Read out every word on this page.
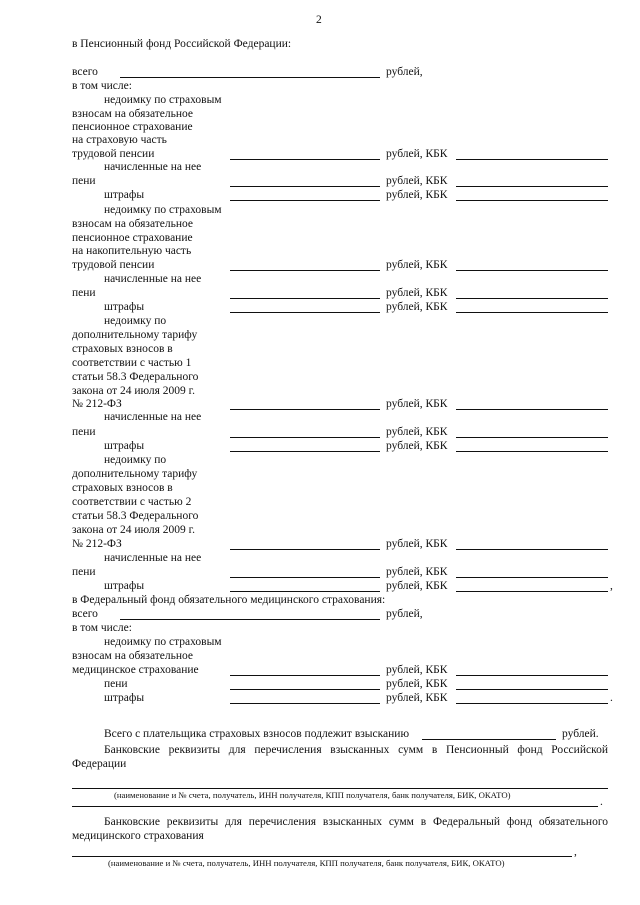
2
в Пенсионный фонд Российской Федерации:
всего	рублей,
в том числе:
недоимку по страховым
взносам на обязательное
пенсионное страхование
на страховую часть
трудовой пенсии	рублей, КБК
начисленные на нее
пени	рублей, КБК
штрафы	рублей, КБК
недоимку по страховым
взносам на обязательное
пенсионное страхование
на накопительную часть
трудовой пенсии	рублей, КБК
начисленные на нее
пени	рублей, КБК
штрафы	рублей, КБК
недоимку по
дополнительному тарифу
страховых взносов в
соответствии с частью 1
статьи 58.3 Федерального
закона от 24 июля 2009 г.
№ 212-ФЗ	рублей, КБК
начисленные на нее
пени	рублей, КБК
штрафы	рублей, КБК
недоимку по
дополнительному тарифу
страховых взносов в
соответствии с частью 2
статьи 58.3 Федерального
закона от 24 июля 2009 г.
№ 212-ФЗ	рублей, КБК
начисленные на нее
пени	рублей, КБК
штрафы	рублей, КБК	,
в Федеральный фонд обязательного медицинского страхования:
всего	рублей,
в том числе:
недоимку по страховым
взносам на обязательное
медицинское страхование	рублей, КБК
пени	рублей, КБК
штрафы	рублей, КБК	.
Всего с плательщика страховых взносов подлежит взысканию	рублей.
Банковские реквизиты для перечисления взысканных сумм в Пенсионный фонд Российской Федерации
(наименование и № счета, получатель, ИНН получателя, КПП получателя, банк получателя, БИК, ОКАТО)
.
Банковские реквизиты для перечисления взысканных сумм в Федеральный фонд обязательного медицинского страхования
,
(наименование и № счета, получатель, ИНН получателя, КПП получателя, банк получателя, БИК, ОКАТО)
